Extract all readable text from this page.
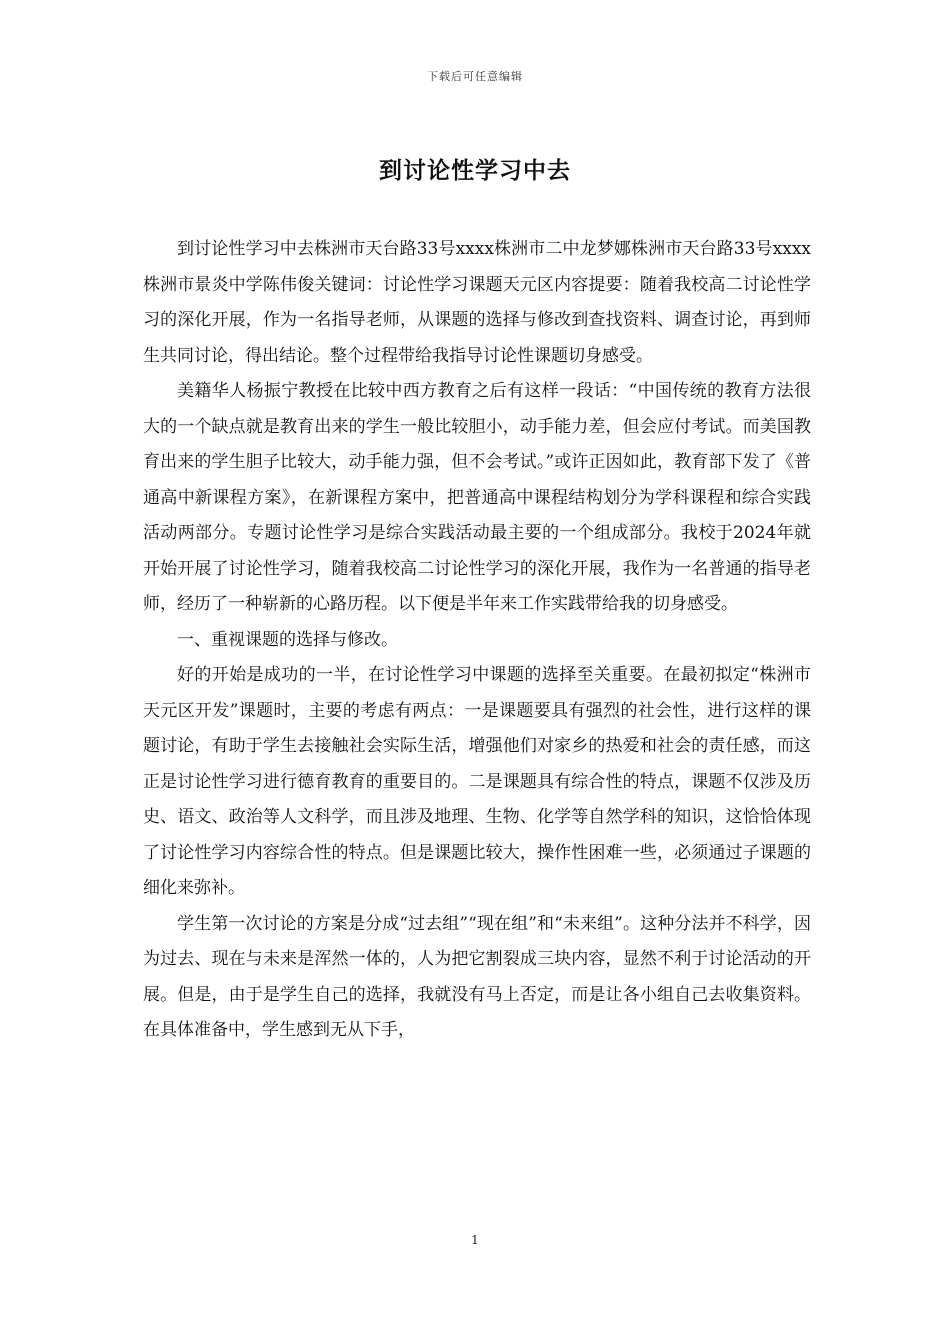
下载后可任意编辑
到讨论性学习中去

到讨论性学习中去株洲市天台路33号xxxx株洲市二中龙梦娜株洲市天台路33号xxxx株洲市景炎中学陈伟俊关键词：讨论性学习课题天元区内容提要：随着我校高二讨论性学习的深化开展，作为一名指导老师，从课题的选择与修改到查找资料、调查讨论，再到师生共同讨论，得出结论。整个过程带给我指导讨论性课题切身感受。

美籍华人杨振宁教授在比较中西方教育之后有这样一段话：“中国传统的教育方法很大的一个缺点就是教育出来的学生一般比较胆小，动手能力差，但会应付考试。而美国教育出来的学生胆子比较大，动手能力强，但不会考试。”或许正因如此，教育部下发了《普通高中新课程方案》，在新课程方案中，把普通高中课程结构划分为学科课程和综合实践活动两部分。专题讨论性学习是综合实践活动最主要的一个组成部分。我校于2024年就开始开展了讨论性学习，随着我校高二讨论性学习的深化开展，我作为一名普通的指导老师，经历了一种崭新的心路历程。以下便是半年来工作实践带给我的切身感受。

一、重视课题的选择与修改。

好的开始是成功的一半，在讨论性学习中课题的选择至关重要。在最初拟定“株洲市天元区开发”课题时，主要的考虑有两点：一是课题要具有强烈的社会性，进行这样的课题讨论，有助于学生去接触社会实际生活，增强他们对家乡的热爱和社会的责任感，而这正是讨论性学习进行德育教育的重要目的。二是课题具有综合性的特点，课题不仅涉及历史、语文、政治等人文科学，而且涉及地理、生物、化学等自然学科的知识，这恰恰体现了讨论性学习内容综合性的特点。但是课题比较大，操作性困难一些，必须通过子课题的细化来弥补。

学生第一次讨论的方案是分成“过去组”“现在组”和“未来组”。这种分法并不科学，因为过去、现在与未来是浑然一体的，人为把它割裂成三块内容，显然不利于讨论活动的开展。但是，由于是学生自己的选择，我就没有马上否定，而是让各小组自己去收集资料。在具体准备中，学生感到无从下手，

1
